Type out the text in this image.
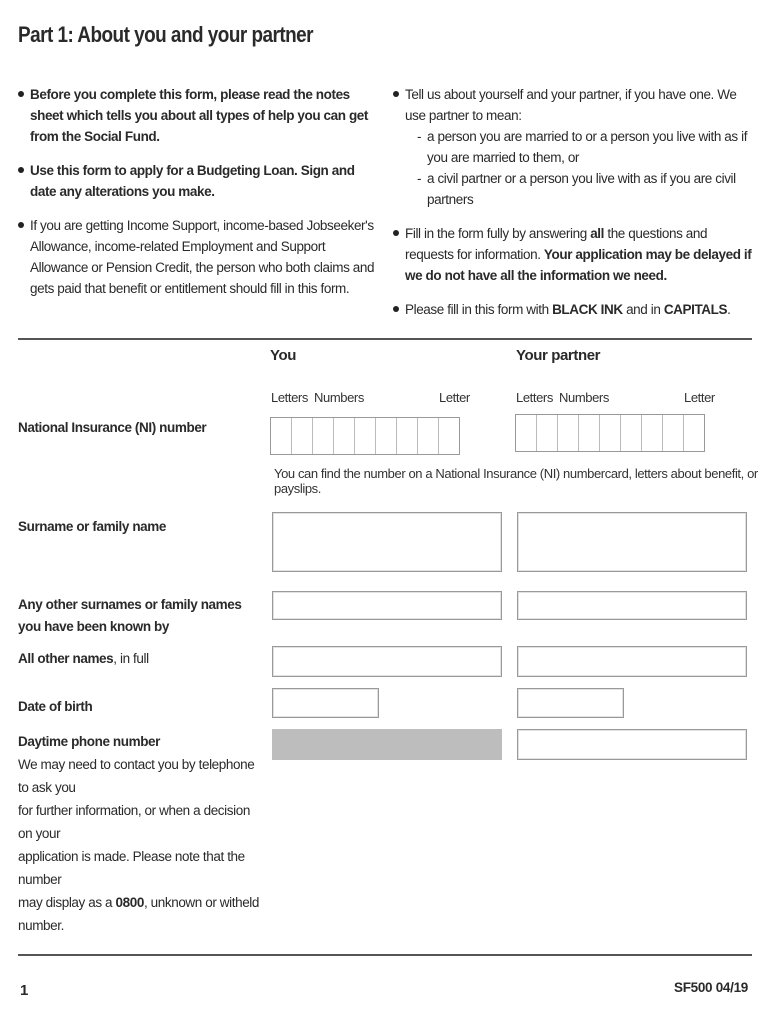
Part 1: About you and your partner
Before you complete this form, please read the notes sheet which tells you about all types of help you can get from the Social Fund.
Use this form to apply for a Budgeting Loan. Sign and date any alterations you make.
If you are getting Income Support, income-based Jobseeker's Allowance, income-related Employment and Support Allowance or Pension Credit, the person who both claims and gets paid that benefit or entitlement should fill in this form.
Tell us about yourself and your partner, if you have one. We use partner to mean:
- a person you are married to or a person you live with as if you are married to them, or
- a civil partner or a person you live with as if you are civil partners
Fill in the form fully by answering all the questions and requests for information. Your application may be delayed if we do not have all the information we need.
Please fill in this form with BLACK INK and in CAPITALS.
You	Your partner
Letters Numbers	Letter	Letters Numbers	Letter
National Insurance (NI) number
You can find the number on a National Insurance (NI) numbercard, letters about benefit, or payslips.
Surname or family name
Any other surnames or family names you have been known by
All other names, in full
Date of birth
Daytime phone number
We may need to contact you by telephone to ask you
for further information, or when a decision on your
application is made. Please note that the number
may display as a 0800, unknown or witheld number.
1	SF500 04/19
